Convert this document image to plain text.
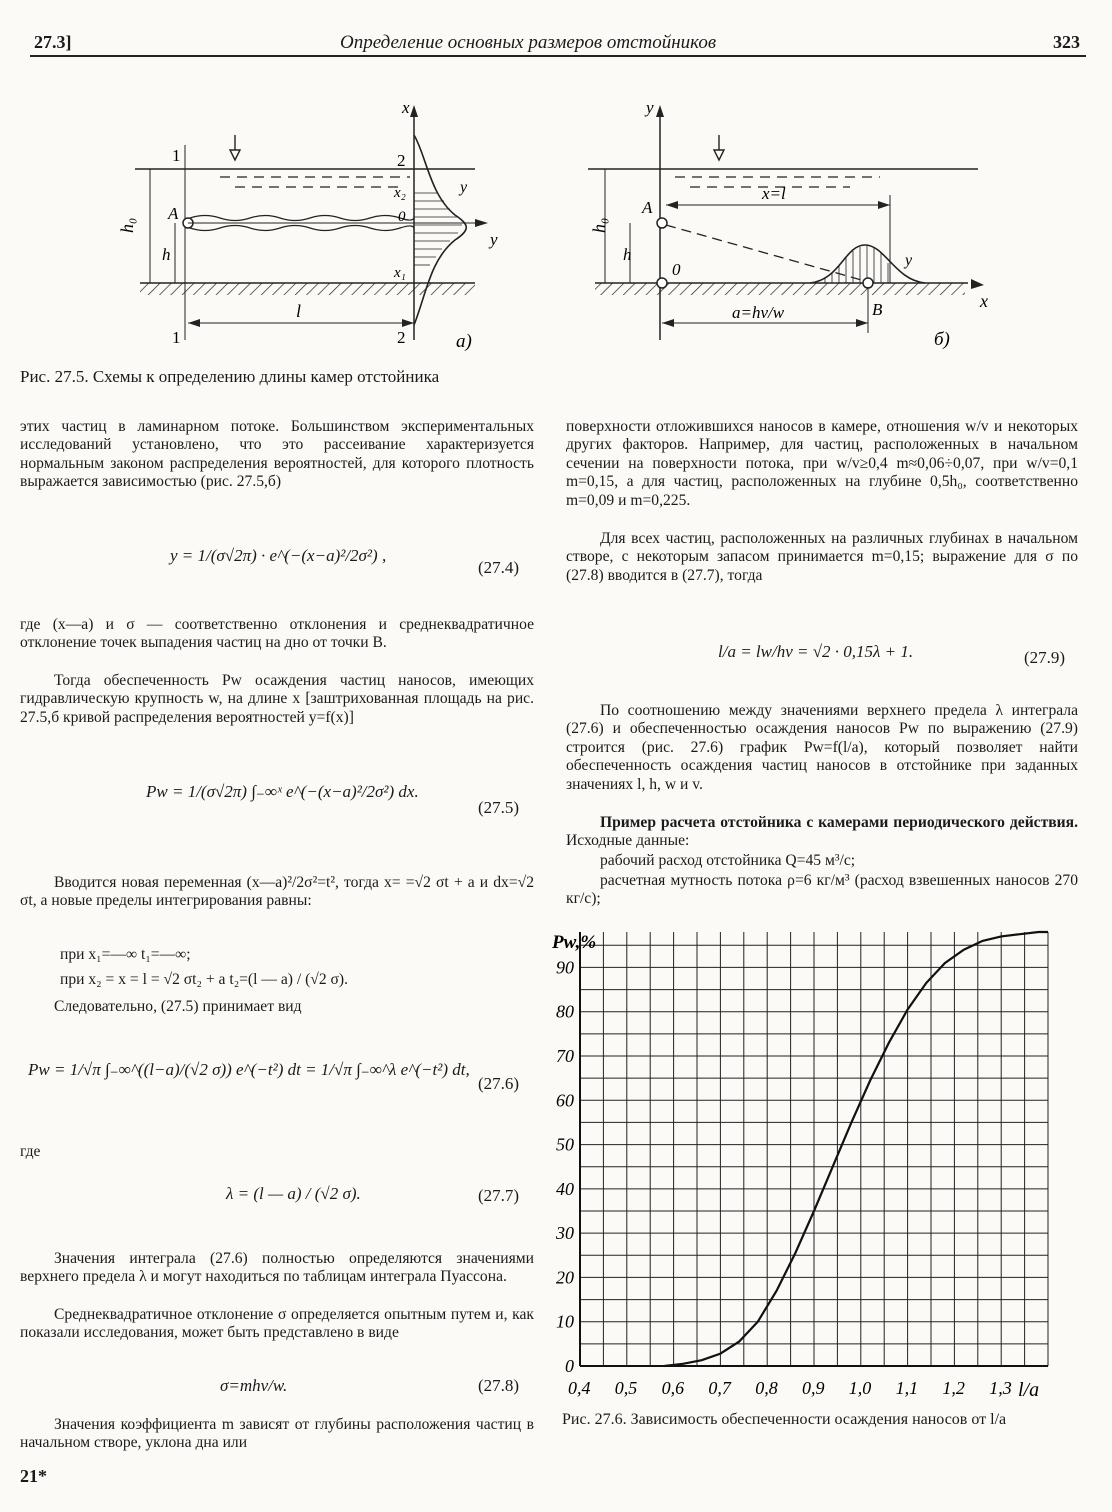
27.3]	Определение основных размеров отстойников	323
x
y
y
h₀
h
A
l
1
1
2
2
x₂
0
x₁
а)
y
x
y
h₀
h
A
0
B
x=l
a=hv/w
б)
Рис. 27.5. Схемы к определению длины камер отстойника

этих частиц в ламинарном потоке. Большинством экспериментальных исследований установлено, что это рассеивание характеризуется нормальным законом распределения вероятностей, для которого плотность выражается зависимостью (рис. 27.5,б)

y = 1/(σ√2π) · e^(−(x−a)²/2σ²) ,
(27.4)

где (x—a) и σ — соответственно отклонения и среднеквадратичное отклонение точек выпадения частиц на дно от точки B.

Тогда обеспеченность Pw осаждения частиц наносов, имеющих гидравлическую крупность w, на длине x [заштрихованная площадь на рис. 27.5,б кривой распределения вероятностей y=f(x)]

Pw = 1/(σ√2π) ∫₋∞ˣ e^(−(x−a)²/2σ²) dx.
(27.5)

Вводится новая переменная (x—a)²/2σ²=t², тогда x= =√2 σt + a и dx=√2 σt, а новые пределы интегрирования равны:

при x₁=—∞ t₁=—∞;

при x₂ = x = l = √2 σt₂ + a t₂=(l — a) / (√2 σ).

Следовательно, (27.5) принимает вид

Pw = 1/√π ∫₋∞^((l−a)/(√2 σ)) e^(−t²) dt = 1/√π ∫₋∞^λ e^(−t²) dt,
(27.6)

где

λ = (l — a) / (√2 σ).	(27.7)

Значения интеграла (27.6) полностью определяются значениями верхнего предела λ и могут находиться по таблицам интеграла Пуассона.

Среднеквадратичное отклонение σ определяется опытным путем и, как показали исследования, может быть представлено в виде

σ=mhv/w.	(27.8)

Значения коэффициента m зависят от глубины расположения частиц в начальном створе, уклона дна или

21*

поверхности отложившихся наносов в камере, отношения w/v и некоторых других факторов. Например, для частиц, расположенных в начальном сечении на поверхности потока, при w/v≥0,4 m≈0,06÷0,07, при w/v=0,1 m=0,15, а для частиц, расположенных на глубине 0,5h₀, соответственно m=0,09 и m=0,225.

Для всех частиц, расположенных на различных глубинах в начальном створе, с некоторым запасом принимается m=0,15; выражение для σ по (27.8) вводится в (27.7), тогда

l/a = lw/hv = √2 · 0,15λ + 1.	(27.9)

По соотношению между значениями верхнего предела λ интеграла (27.6) и обеспеченностью осаждения наносов Pw по выражению (27.9) строится (рис. 27.6) график Pw=f(l/a), который позволяет найти обеспеченность осаждения частиц наносов в отстойнике при заданных значениях l, h, w и v.

Пример расчета отстойника с камерами периодического действия. Исходные данные:

рабочий расход отстойника Q=45 м³/с;

расчетная мутность потока ρ=6 кг/м³ (расход взвешенных наносов 270 кг/с);

0,4 0,5 0,6 0,7 0,8 0,9 1,0 1,1 1,2 1,3
0
10
20
30
40
50
60
70
80
90
Pw,%
l/a
Рис. 27.6. Зависимость обеспеченности осаждения наносов от l/a
